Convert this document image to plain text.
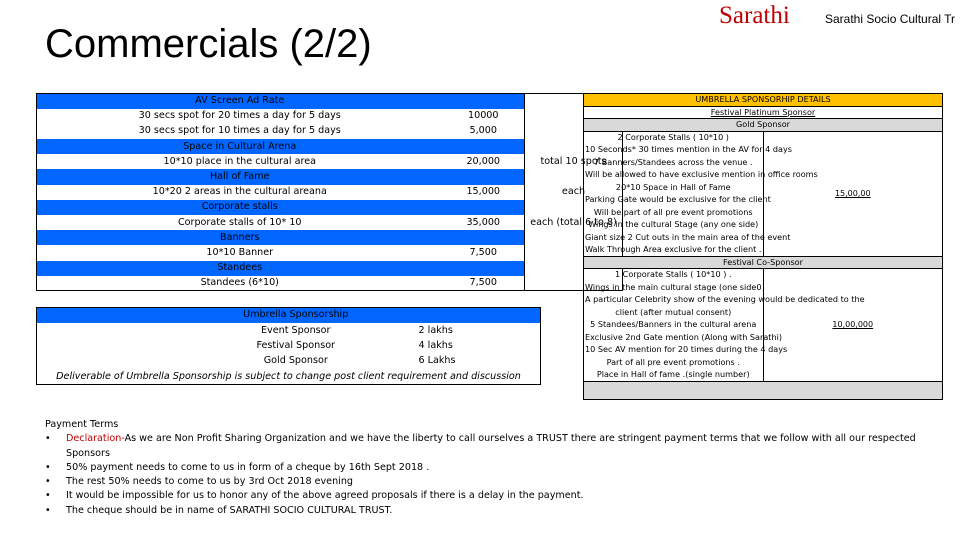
Sarathi	Sarathi Socio Cultural Tr
Commercials (2/2)
AV Screen Ad Rate		
30 secs spot for 20 times a day for 5 days	10000	
30 secs spot for 10 times a day for 5 days	5,000	
Space in Cultural Arena		
10*10 place in the cultural area	20,000	total 10 spots
Hall of Fame		
10*20 2 areas in the cultural areana	15,000	each
Corporate stalls		
Corporate stalls of 10* 10	35,000	each (total 6 to 8)
Banners		
10*10 Banner	7,500	
Standees		
Standees (6*10)	7,500	
Umbrella Sponsorship	
Event Sponsor	2 lakhs
Festival Sponsor	4 lakhs
Gold Sponsor	6 Lakhs
Deliverable of Umbrella Sponsorship is subject to change post client requirement and discussion	
UMBRELLA SPONSORHIP DETAILS	
Festival Platinum Sponsor	
Gold Sponsor	
2 Corporate Stalls ( 10*10 )	15,00,00
10 Seconds* 30 times mention in the AV for 4 days	
7 Banners/Standees across the venue .	
Will be allowed to have exclusive mention in office rooms	
20*10 Space in Hall of Fame	
Parking Gate would be exclusive for the client	
Will be part of all pre event promotions	
Wings in the cultural Stage (any one side)	
Giant size 2 Cut outs in the main area of the event	
Walk Through Area exclusive for the client .	
Festival Co-Sponsor	
1 Corporate Stalls ( 10*10 ) .	10,00,000
Wings in the main cultural stage (one side0	
A particular Celebrity show of the evening would be dedicated to the	
client (after mutual consent)	
5 Standees/Banners in the cultural arena	
Exclusive 2nd Gate mention (Along with Sarathi)	
10 Sec AV mention for 20 times during the 4 days	
Part of all pre event promotions .	
Place in Hall of fame .(single number)	

Payment Terms
• Declaration-As we are Non Profit Sharing Organization and we have the liberty to call ourselves a TRUST there are stringent payment terms that we follow with all our respected Sponsors
• 50% payment needs to come to us in form of a cheque by 16th Sept 2018 .
• The rest 50% needs to come to us by 3rd Oct 2018 evening
• It would be impossible for us to honor any of the above agreed proposals if there is a delay in the payment.
• The cheque should be in name of SARATHI SOCIO CULTURAL TRUST.
